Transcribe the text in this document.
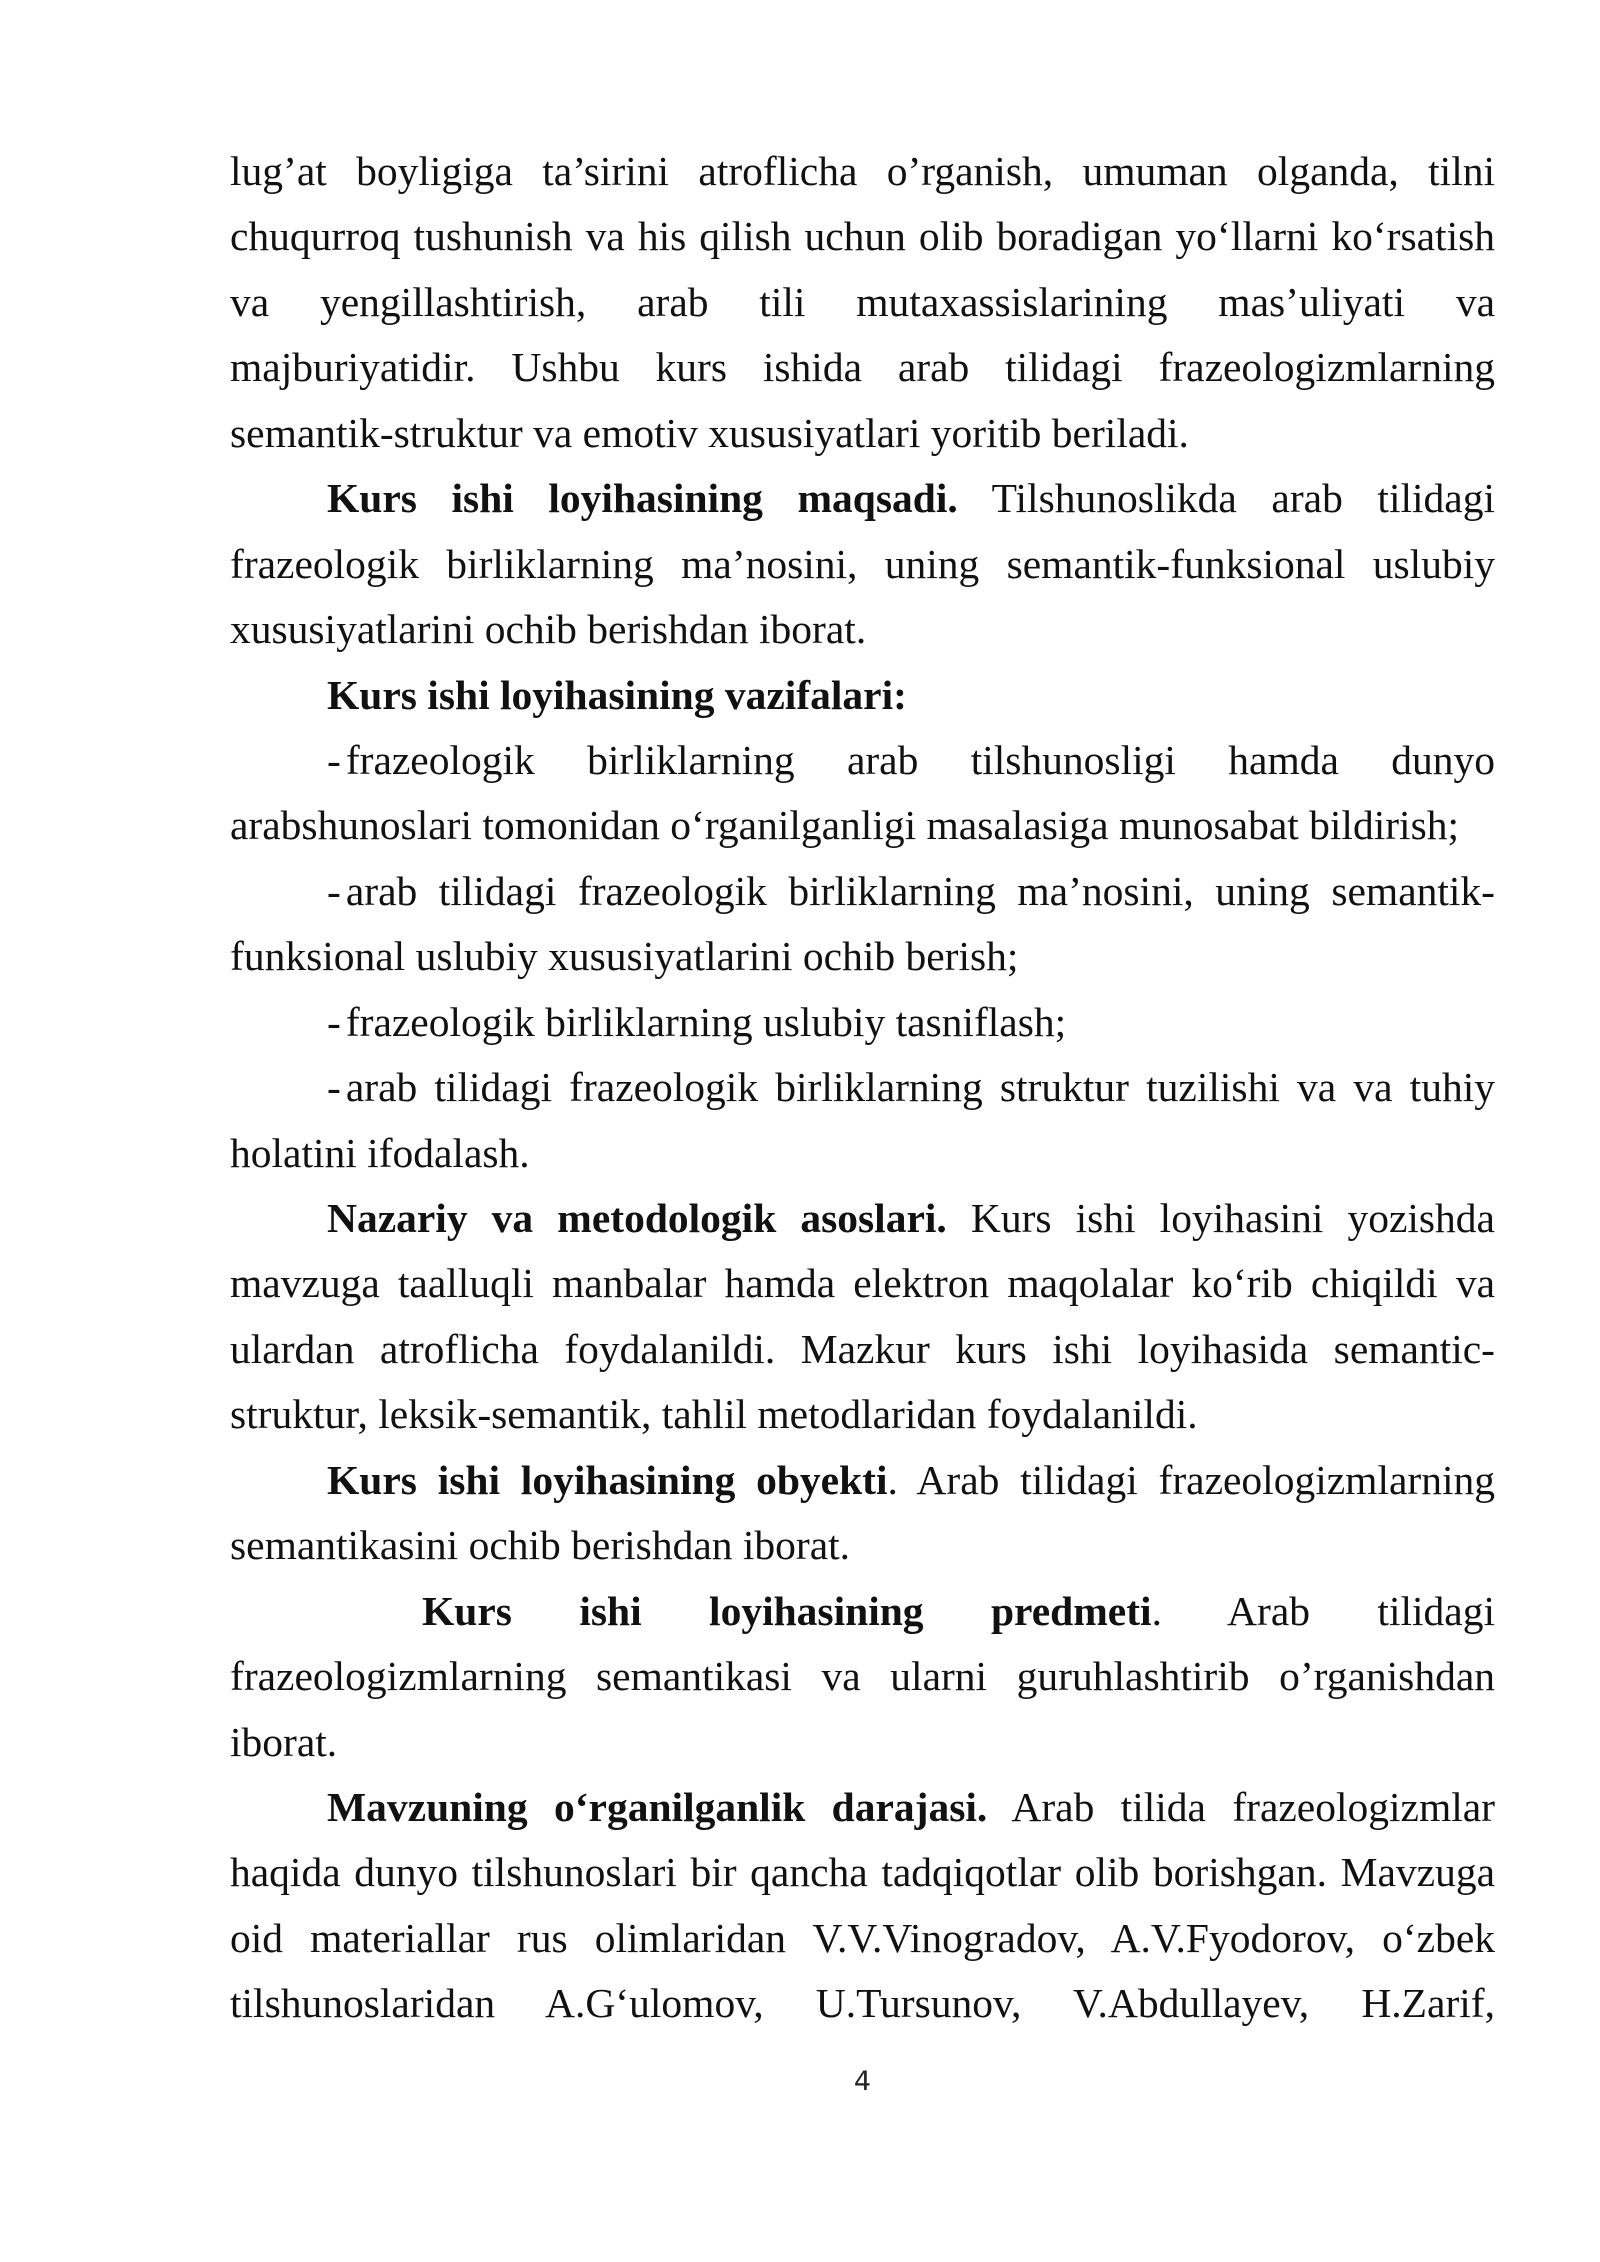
lug’at boyligiga ta’sirini atroflicha o’rganish, umuman olganda, tilni
chuqurroq tushunish va his qilish uchun olib boradigan yo‘llarni ko‘rsatish
va yengillashtirish, arab tili mutaxassislarining mas’uliyati va
majburiyatidir. Ushbu kurs ishida arab tilidagi frazeologizmlarning
semantik-struktur va emotiv xususiyatlari yoritib beriladi.
Kurs ishi loyihasining maqsadi. Tilshunoslikda arab tilidagi
frazeologik birliklarning ma’nosini, uning semantik-funksional uslubiy
xususiyatlarini ochib berishdan iborat.
Kurs ishi loyihasining vazifalari:
- frazeologik birliklarning arab tilshunosligi hamda dunyo
arabshunoslari tomonidan o‘rganilganligi masalasiga munosabat bildirish;
- arab tilidagi frazeologik birliklarning ma’nosini, uning semantik-
funksional uslubiy xususiyatlarini ochib berish;
- frazeologik birliklarning uslubiy tasniflash;
- arab tilidagi frazeologik birliklarning struktur tuzilishi va va tuhiy
holatini ifodalash.
Nazariy va metodologik asoslari. Kurs ishi loyihasini yozishda
mavzuga taalluqli manbalar hamda elektron maqolalar ko‘rib chiqildi va
ulardan atroflicha foydalanildi. Mazkur kurs ishi loyihasida semantic-
struktur, leksik-semantik, tahlil metodlaridan foydalanildi.
Kurs ishi loyihasining obyekti. Arab tilidagi frazeologizmlarning
semantikasini ochib berishdan iborat.
Kurs ishi loyihasining predmeti. Arab tilidagi
frazeologizmlarning semantikasi va ularni guruhlashtirib o’rganishdan
iborat.
Mavzuning o‘rganilganlik darajasi. Arab tilida frazeologizmlar
haqida dunyo tilshunoslari bir qancha tadqiqotlar olib borishgan. Mavzuga
oid materiallar rus olimlaridan V.V.Vinogradov, A.V.Fyodorov, o‘zbek
tilshunoslaridan A.G‘ulomov, U.Tursunov, V.Abdullayev, H.Zarif,
4
